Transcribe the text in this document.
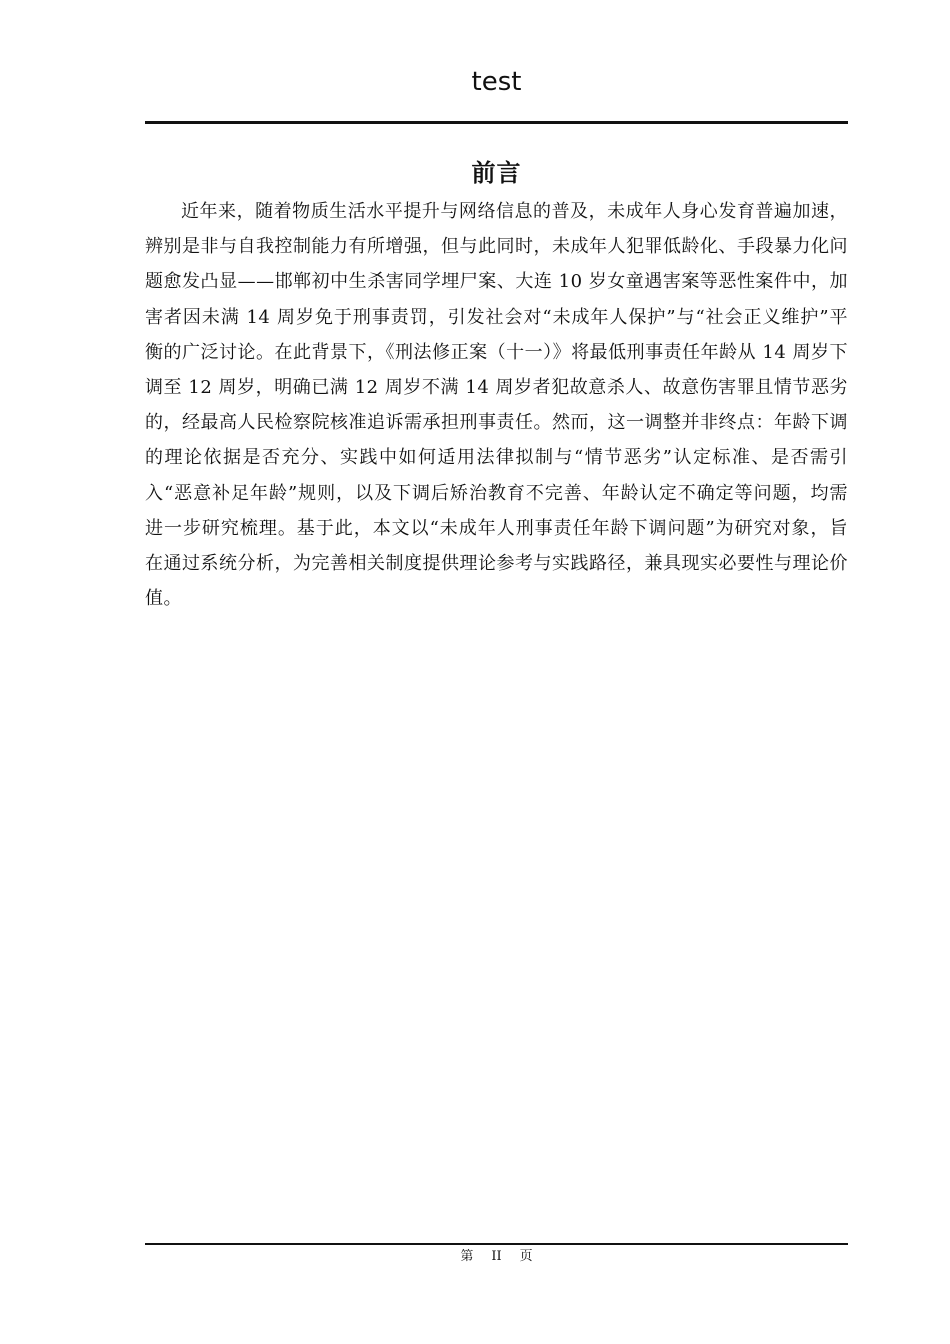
test
前言

近年来，随着物质生活水平提升与网络信息的普及，未成年人身心发育普遍加速，辨别是非与自我控制能力有所增强，但与此同时，未成年人犯罪低龄化、手段暴力化问题愈发凸显——邯郸初中生杀害同学埋尸案、大连 10 岁女童遇害案等恶性案件中，加害者因未满 14 周岁免于刑事责罚，引发社会对“未成年人保护”与“社会正义维护”平衡的广泛讨论。在此背景下，《刑法修正案（十一）》将最低刑事责任年龄从 14 周岁下调至 12 周岁，明确已满 12 周岁不满 14 周岁者犯故意杀人、故意伤害罪且情节恶劣的，经最高人民检察院核准追诉需承担刑事责任。然而，这一调整并非终点：年龄下调的理论依据是否充分、实践中如何适用法律拟制与“情节恶劣”认定标准、是否需引入“恶意补足年龄”规则，以及下调后矫治教育不完善、年龄认定不确定等问题，均需进一步研究梳理。基于此，本文以“未成年人刑事责任年龄下调问题”为研究对象，旨在通过系统分析，为完善相关制度提供理论参考与实践路径，兼具现实必要性与理论价值。

第 II 页
